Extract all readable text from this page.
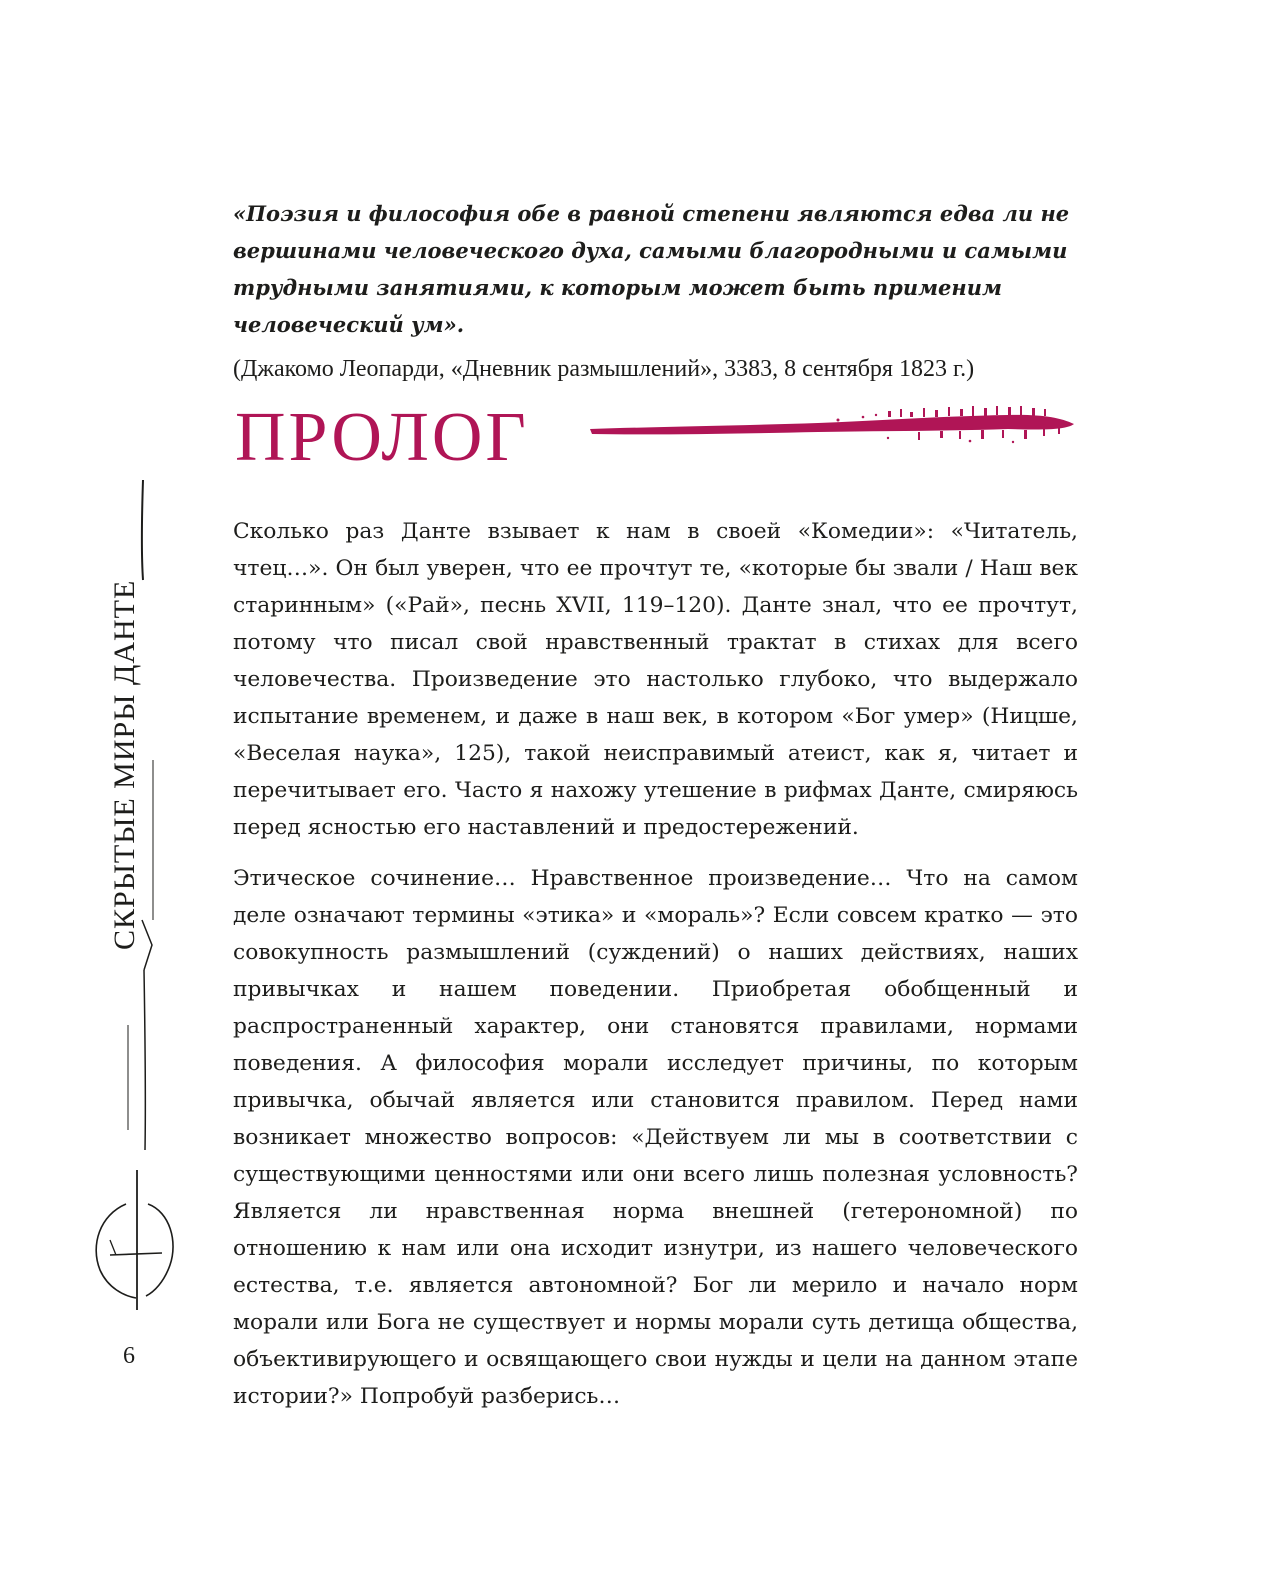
«Поэзия и философия обе в равной степени являются едва ли не вершинами человеческого духа, самыми благородными и самыми трудными занятиями, к которым может быть применим человеческий ум».

(Джакомо Леопарди, «Дневник размышлений», 3383, 8 сентября 1823 г.)

ПРОЛОГ

Сколько раз Данте взывает к нам в своей «Комедии»: «Читатель, чтец…». Он был уверен, что ее прочтут те, «которые бы звали / Наш век старинным» («Рай», песнь XVII, 119–120). Данте знал, что ее прочтут, потому что писал свой нравственный трактат в стихах для всего человечества. Произведение это настолько глубоко, что выдержало испытание временем, и даже в наш век, в котором «Бог умер» (Ницше, «Веселая наука», 125), такой неисправимый атеист, как я, читает и перечитывает его. Часто я нахожу утешение в рифмах Данте, смиряюсь перед ясностью его наставлений и предостережений.

Этическое сочинение… Нравственное произведение… Что на самом деле означают термины «этика» и «мораль»? Если совсем кратко — это совокупность размышлений (суждений) о наших действиях, наших привычках и нашем поведении. Приобретая обобщенный и распространенный характер, они становятся правилами, нормами поведения. А философия морали исследует причины, по которым привычка, обычай является или становится правилом. Перед нами возникает множество вопросов: «Действуем ли мы в соответствии с существующими ценностями или они всего лишь полезная условность? Является ли нравственная норма внешней (гетерономной) по отношению к нам или она исходит изнутри, из нашего человеческого естества, т.е. является автономной? Бог ли мерило и начало норм морали или Бога не существует и нормы морали суть детища общества, объективирующего и освящающего свои нужды и цели на данном этапе истории?» Попробуй разберись…

СКРЫТЫЕ МИРЫ ДАНТЕ
6
